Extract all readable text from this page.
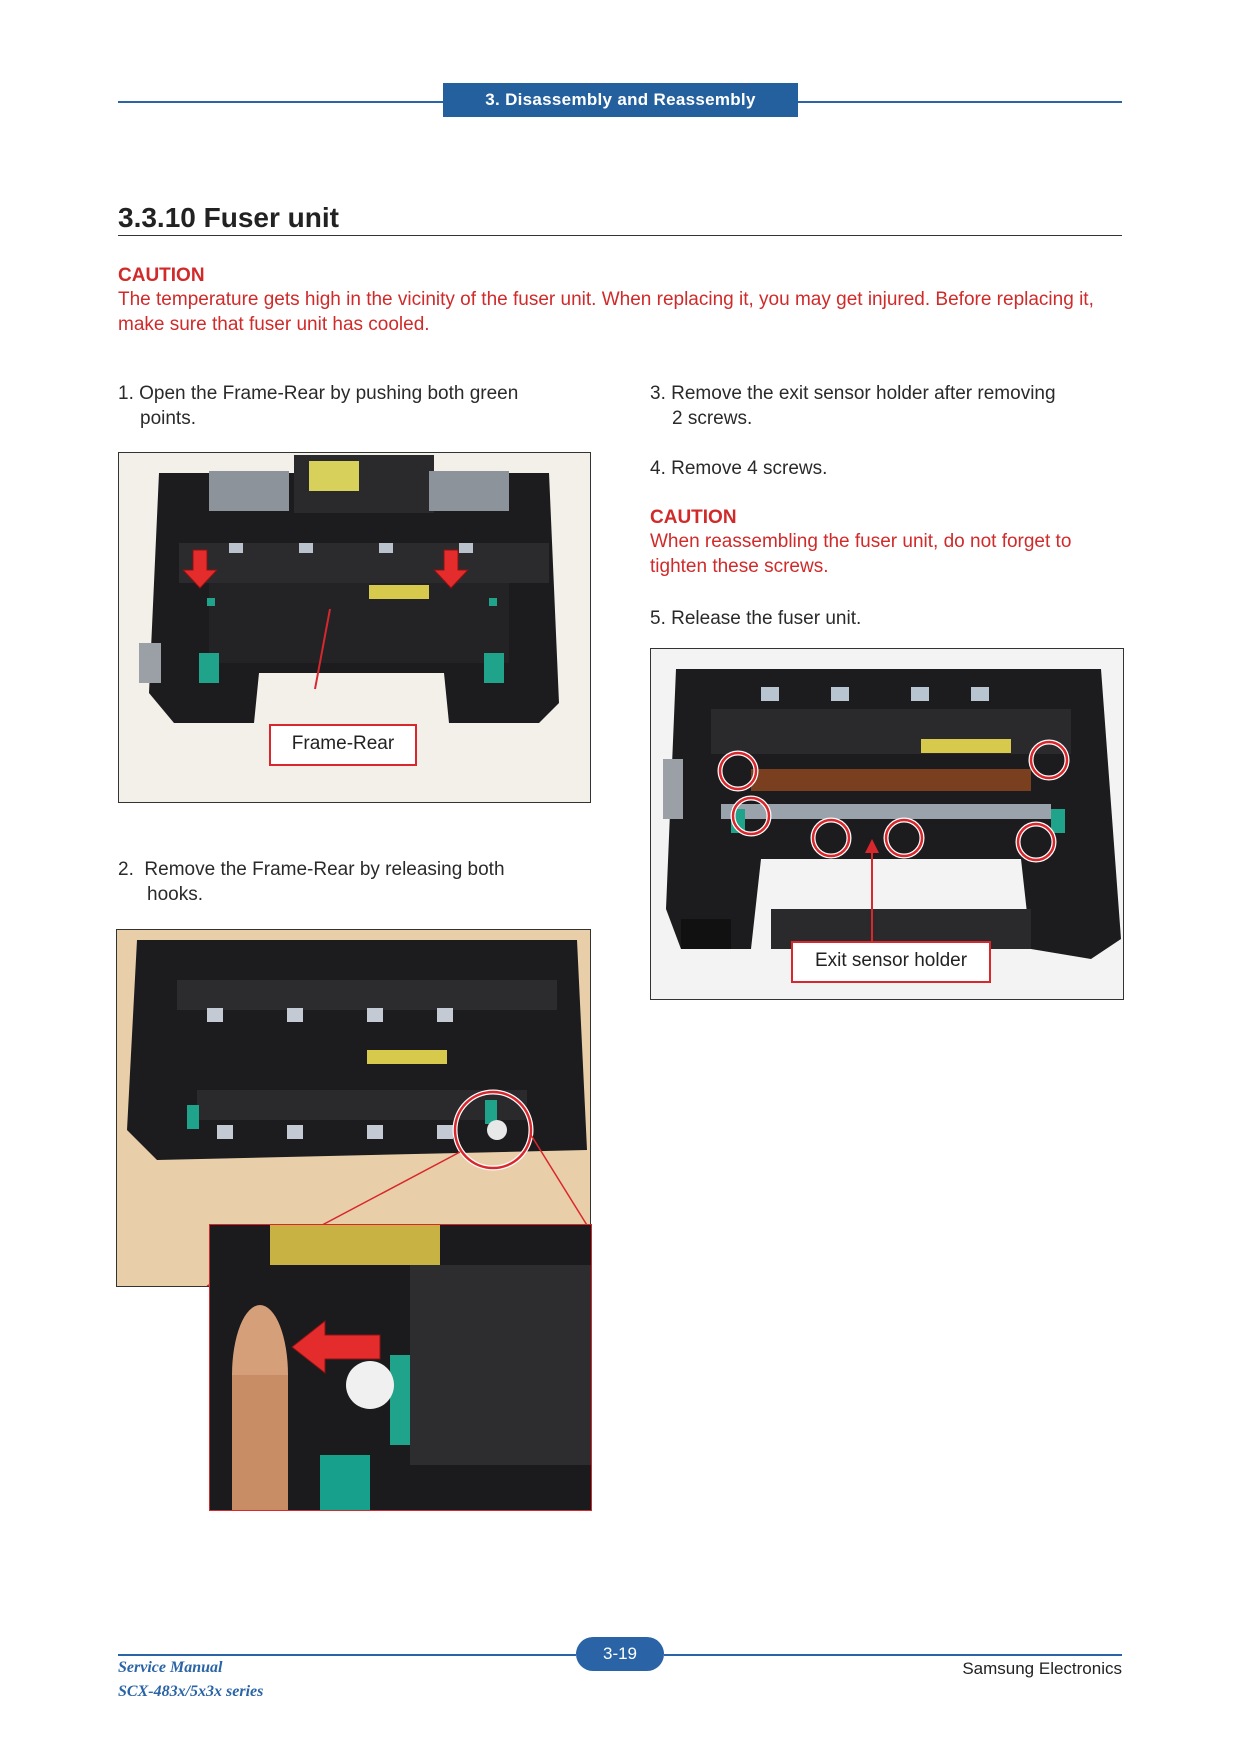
3. Disassembly and Reassembly
3.3.10 Fuser unit
CAUTION
The temperature gets high in the vicinity of the fuser unit. When replacing it, you may get injured. Before replacing it, make sure that fuser unit has cooled.
1. Open the Frame-Rear by pushing both green
points.
Frame-Rear
2. Remove the Frame-Rear by releasing both
hooks.
3. Remove the exit sensor holder after removing
2 screws.
4. Remove 4 screws.
CAUTION
When reassembling the fuser unit, do not forget to tighten these screws.
5. Release the fuser unit.
Exit sensor holder
3-19
Service Manual
SCX-483x/5x3x series
Samsung Electronics
